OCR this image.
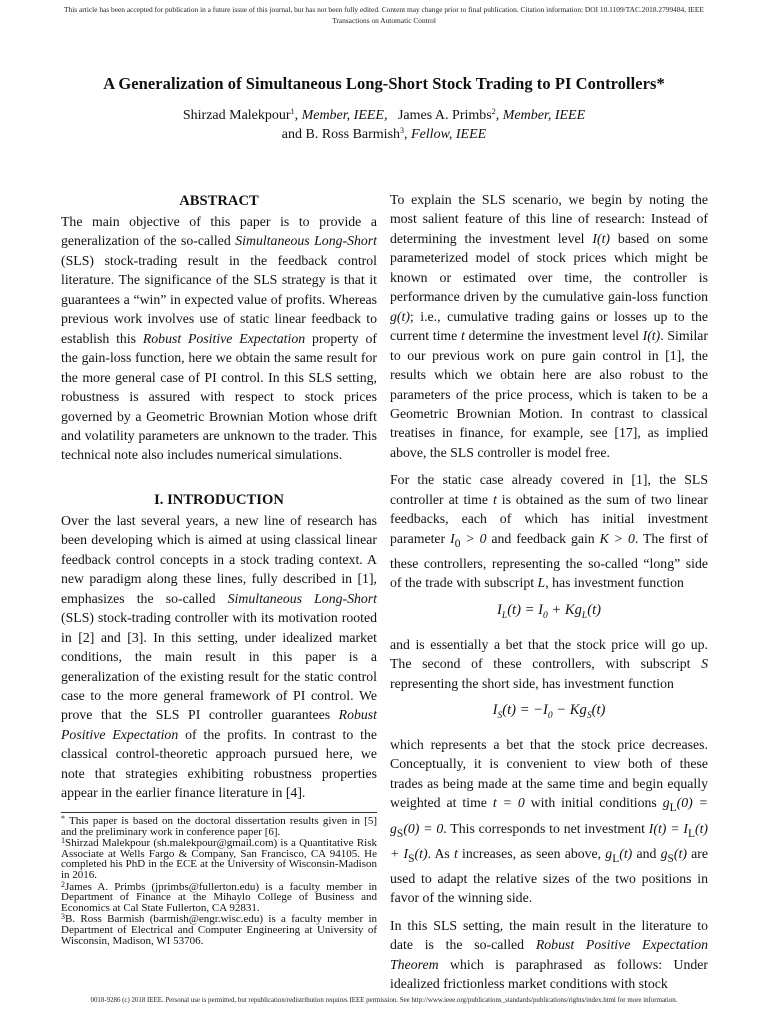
This article has been accepted for publication in a future issue of this journal, but has not been fully edited. Content may change prior to final publication. Citation information: DOI 10.1109/TAC.2018.2799484, IEEE
Transactions on Automatic Control
A Generalization of Simultaneous Long-Short Stock Trading to PI Controllers*
Shirzad Malekpour$^1$, Member, IEEE, James A. Primbs$^2$, Member, IEEE
and B. Ross Barmish$^3$, Fellow, IEEE
ABSTRACT

The main objective of this paper is to provide a generalization of the so-called Simultaneous Long-Short (SLS) stock-trading result in the feedback control literature. The significance of the SLS strategy is that it guarantees a “win” in expected value of profits. Whereas previous work involves use of static linear feedback to establish this Robust Positive Expectation property of the gain-loss function, here we obtain the same result for the more general case of PI control. In this SLS setting, robustness is assured with respect to stock prices governed by a Geometric Brownian Motion whose drift and volatility parameters are unknown to the trader. This technical note also includes numerical simulations.

I. INTRODUCTION

Over the last several years, a new line of research has been developing which is aimed at using classical linear feedback control concepts in a stock trading context. A new paradigm along these lines, fully described in [1], emphasizes the so-called Simultaneous Long-Short (SLS) stock-trading controller with its motivation rooted in [2] and [3]. In this setting, under idealized market conditions, the main result in this paper is a generalization of the existing result for the static control case to the more general framework of PI control. We prove that the SLS PI controller guarantees Robust Positive Expectation of the profits. In contrast to the classical control-theoretic approach pursued here, we note that strategies exhibiting robustness properties appear in the earlier finance literature in [4].

* This paper is based on the doctoral dissertation results given in [5] and the preliminary work in conference paper [6].

$^1$Shirzad Malekpour (sh.malekpour@gmail.com) is a Quantitative Risk Associate at Wells Fargo & Company, San Francisco, CA 94105. He completed his PhD in the ECE at the University of Wisconsin-Madison in 2016.

$^2$James A. Primbs (jprimbs@fullerton.edu) is a faculty member in Department of Finance at the Mihaylo College of Business and Economics at Cal State Fullerton, CA 92831.

$^3$B. Ross Barmish (barmish@engr.wisc.edu) is a faculty member in Department of Electrical and Computer Engineering at University of Wisconsin, Madison, WI 53706.

To explain the SLS scenario, we begin by noting the most salient feature of this line of research: Instead of determining the investment level I(t) based on some parameterized model of stock prices which might be known or estimated over time, the controller is performance driven by the cumulative gain-loss function g(t); i.e., cumulative trading gains or losses up to the current time t determine the investment level I(t). Similar to our previous work on pure gain control in [1], the results which we obtain here are also robust to the parameters of the price process, which is taken to be a Geometric Brownian Motion. In contrast to classical treatises in finance, for example, see [17], as implied above, the SLS controller is model free.

For the static case already covered in [1], the SLS controller at time t is obtained as the sum of two linear feedbacks, each of which has initial investment parameter $I_0 > 0$ and feedback gain K > 0. The first of these controllers, representing the so-called “long” side of the trade with subscript L, has investment function

$I_L(t) = I_0 + Kg_L(t)$

and is essentially a bet that the stock price will go up. The second of these controllers, with subscript S representing the short side, has investment function

$I_S(t) = -I_0 - Kg_S(t)$

which represents a bet that the stock price decreases. Conceptually, it is convenient to view both of these trades as being made at the same time and begin equally weighted at time t = 0 with initial conditions $g_L(0) = g_S(0) = 0$. This corresponds to net investment $I(t) = I_L(t) + I_S(t)$. As t increases, as seen above, $g_L(t)$ and $g_S(t)$ are used to adapt the relative sizes of the two positions in favor of the winning side.

In this SLS setting, the main result in the literature to date is the so-called Robust Positive Expectation Theorem which is paraphrased as follows: Under idealized frictionless market conditions with stock

0018-9286 (c) 2018 IEEE. Personal use is permitted, but republication/redistribution requires IEEE permission. See http://www.ieee.org/publications_standards/publications/rights/index.html for more information.
